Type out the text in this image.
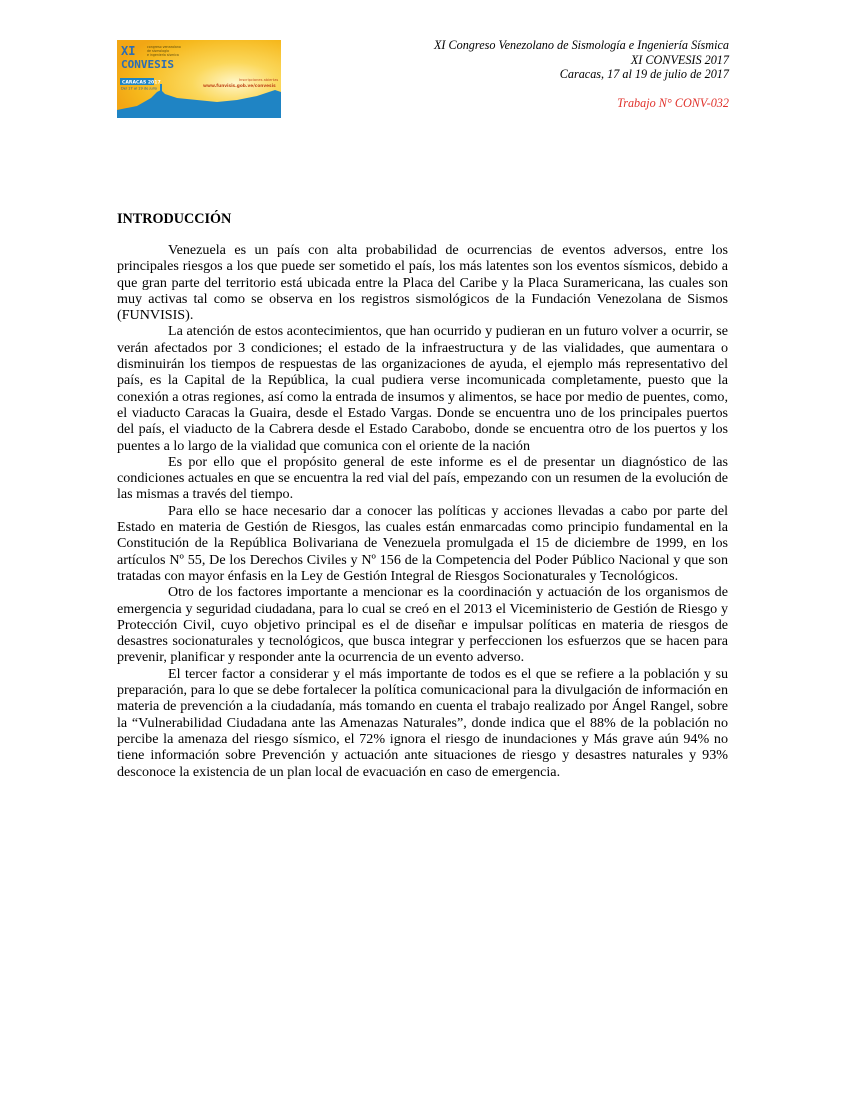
XI
CONVESIS
congreso venezolano
de sismología
e ingeniería sísmica
CARACAS 2017
Del 17 al 19 de julio
Inscripciones abiertas
www.funvisis.gob.ve/convesis
XI Congreso Venezolano de Sismología e Ingeniería Sísmica
XI CONVESIS 2017
Caracas, 17 al 19 de julio de 2017
Trabajo N° CONV-032
INTRODUCCIÓN

Venezuela es un país con alta probabilidad de ocurrencias de eventos adversos, entre los principales riesgos a los que puede ser sometido el país, los más latentes son los eventos sísmicos, debido a que gran parte del territorio está ubicada entre la Placa del Caribe y la Placa Suramericana, las cuales son muy activas tal como se observa en los registros sismológicos de la Fundación Venezolana de Sismos (FUNVISIS).

La atención de estos acontecimientos, que han ocurrido y pudieran en un futuro volver a ocurrir, se verán afectados por 3 condiciones; el estado de la infraestructura y de las vialidades, que aumentara o disminuirán los tiempos de respuestas de las organizaciones de ayuda, el ejemplo más representativo del país, es la Capital de la República, la cual pudiera verse incomunicada completamente, puesto que la conexión a otras regiones, así como la entrada de insumos y alimentos, se hace por medio de puentes, como, el viaducto Caracas la Guaira, desde el Estado Vargas. Donde se encuentra uno de los principales puertos del país, el viaducto de la Cabrera desde el Estado Carabobo, donde se encuentra otro de los puertos y los puentes a lo largo de la vialidad que comunica con el oriente de la nación

Es por ello que el propósito general de este informe es el de presentar un diagnóstico de las condiciones actuales en que se encuentra la red vial del país, empezando con un resumen de la evolución de las mismas a través del tiempo.

Para ello se hace necesario dar a conocer las políticas y acciones llevadas a cabo por parte del Estado en materia de Gestión de Riesgos, las cuales están enmarcadas como principio fundamental en la Constitución de la República Bolivariana de Venezuela promulgada el 15 de diciembre de 1999, en los artículos Nº 55, De los Derechos Civiles y Nº 156 de la Competencia del Poder Público Nacional y que son tratadas con mayor énfasis en la Ley de Gestión Integral de Riesgos Socionaturales y Tecnológicos.

Otro de los factores importante a mencionar es la coordinación y actuación de los organismos de emergencia y seguridad ciudadana, para lo cual se creó en el 2013 el Viceministerio de Gestión de Riesgo y Protección Civil, cuyo objetivo principal es el de diseñar e impulsar políticas en materia de riesgos de desastres socionaturales y tecnológicos, que busca integrar y perfeccionen los esfuerzos que se hacen para prevenir, planificar y responder ante la ocurrencia de un evento adverso.

El tercer factor a considerar y el más importante de todos es el que se refiere a la población y su preparación, para lo que se debe fortalecer la política comunicacional para la divulgación de información en materia de prevención a la ciudadanía, más tomando en cuenta el trabajo realizado por Ángel Rangel, sobre la “Vulnerabilidad Ciudadana ante las Amenazas Naturales”, donde indica que el 88% de la población no percibe la amenaza del riesgo sísmico, el 72% ignora el riesgo de inundaciones y Más grave aún 94% no tiene información sobre Prevención y actuación ante situaciones de riesgo y desastres naturales y 93% desconoce la existencia de un plan local de evacuación en caso de emergencia.
